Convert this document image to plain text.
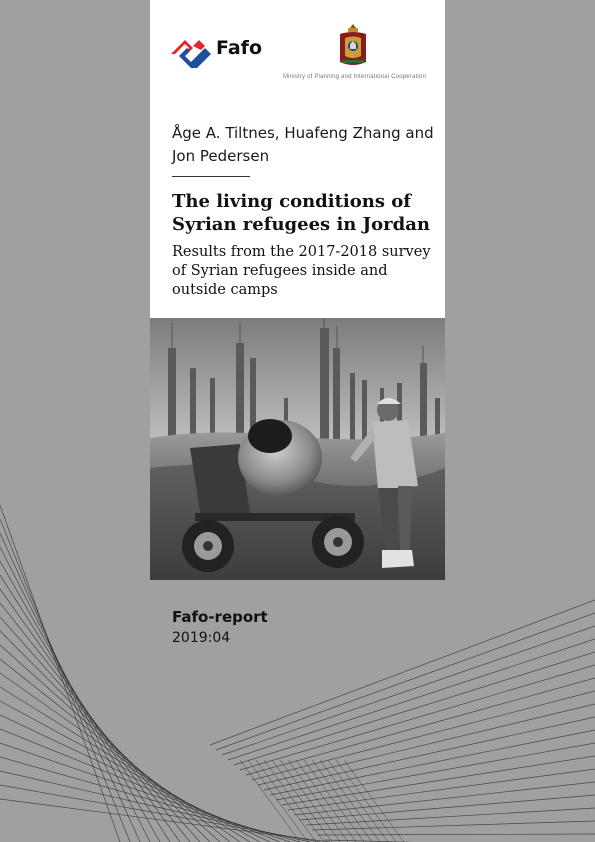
Fafo
Ministry of Planning and International Cooperation
Åge A. Tiltnes, Huafeng Zhang and
Jon Pedersen
The living conditions of Syrian refugees in Jordan
Results from the 2017-2018 survey of Syrian refugees inside and outside camps
Fafo-report
2019:04
